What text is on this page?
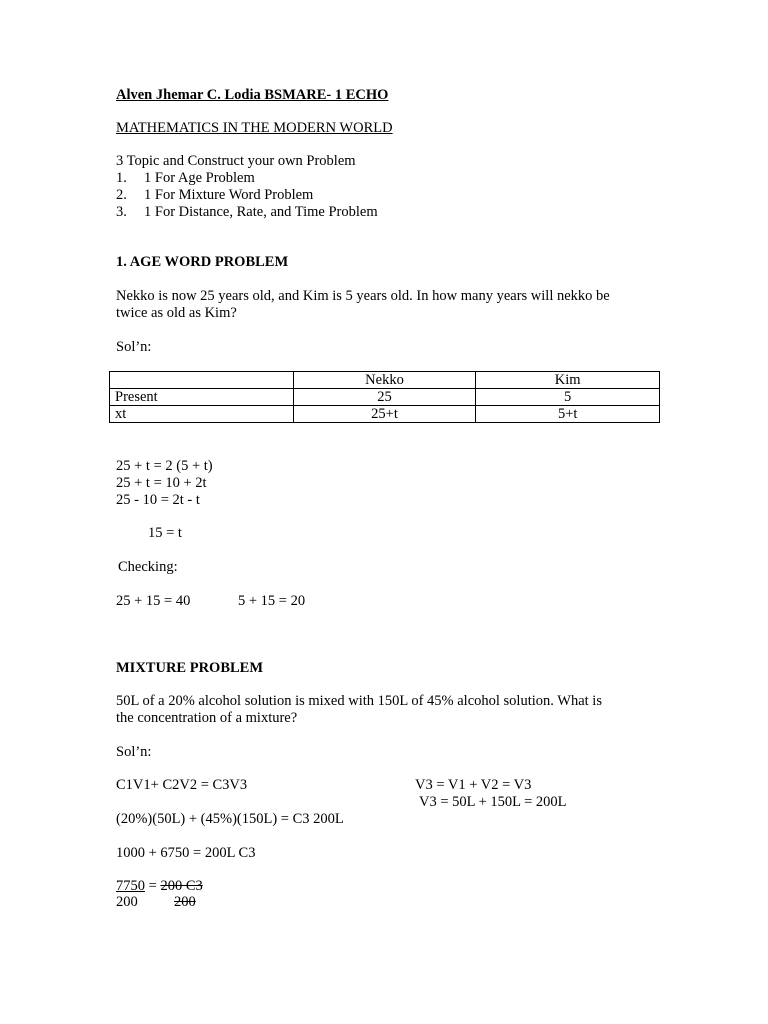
Alven Jhemar C. Lodia BSMARE- 1 ECHO
MATHEMATICS IN THE MODERN WORLD
3 Topic and Construct your own Problem
1. 1 For Age Problem
2. 1 For Mixture Word Problem
3. 1 For Distance, Rate, and Time Problem
1. AGE WORD PROBLEM
Nekko is now 25 years old, and Kim is 5 years old. In how many years will nekko be
twice as old as Kim?
Sol’n:
	Nekko	Kim
Present	25	5
xt	25+t	5+t
25 + t = 2 (5 + t)
25 + t = 10 + 2t
25 - 10 = 2t - t
15 = t
Checking:
25 + 15 = 40	5 + 15 = 20
MIXTURE PROBLEM
50L of a 20% alcohol solution is mixed with 150L of 45% alcohol solution. What is
the concentration of a mixture?
Sol’n:
C1V1+ C2V2 = C3V3	V3 = V1 + V2 = V3
V3 = 50L + 150L = 200L
(20%)(50L) + (45%)(150L) = C3 200L
1000 + 6750 = 200L C3
7750 = 200 C3
200	200
